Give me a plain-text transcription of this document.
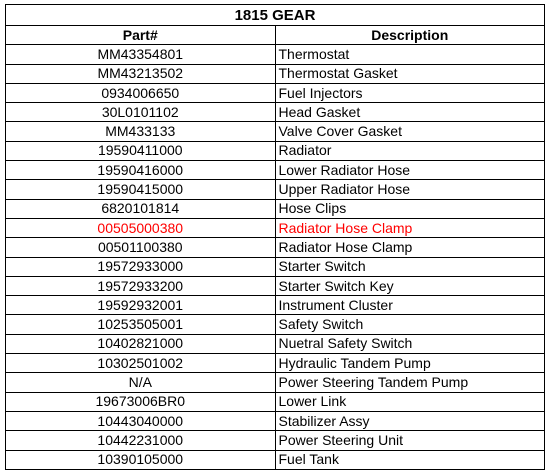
1815 GEAR	
Part#	Description
MM43354801	Thermostat
MM43213502	Thermostat Gasket
0934006650	Fuel Injectors
30L0101102	Head Gasket
MM433133	Valve Cover Gasket
19590411000	Radiator
19590416000	Lower Radiator Hose
19590415000	Upper Radiator Hose
6820101814	Hose Clips
00505000380	Radiator Hose Clamp
00501100380	Radiator Hose Clamp
19572933000	Starter Switch
19572933200	Starter Switch Key
19592932001	Instrument Cluster
10253505001	Safety Switch
10402821000	Nuetral Safety Switch
10302501002	Hydraulic Tandem Pump
N/A	Power Steering Tandem Pump
19673006BR0	Lower Link
10443040000	Stabilizer Assy
10442231000	Power Steering Unit
10390105000	Fuel Tank
